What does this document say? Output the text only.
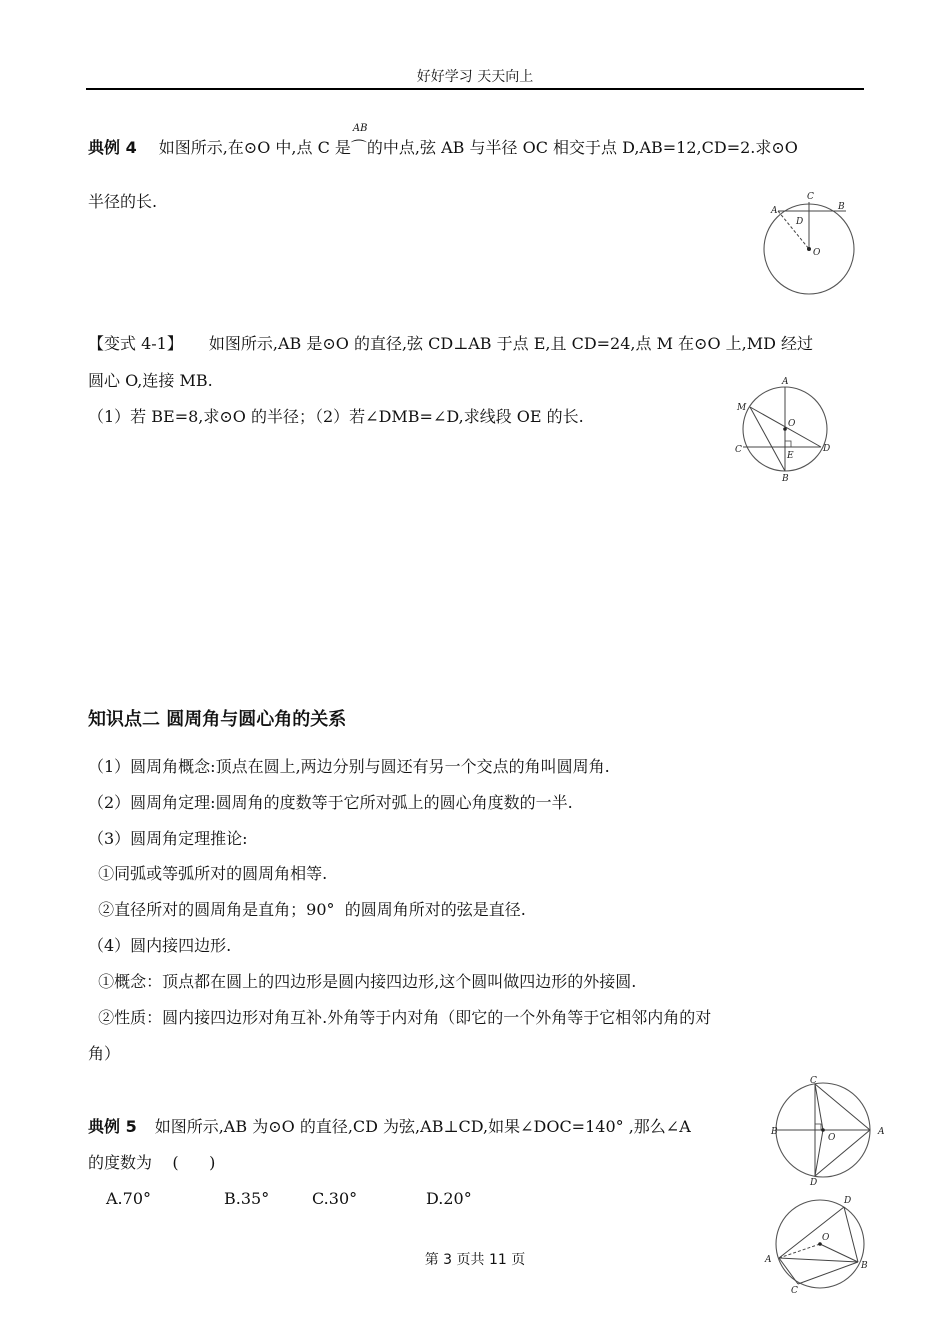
好好学习 天天向上
典例 4 如图所示,在⊙O 中,点 C 是
AB
⌒的中点,弦 AB 与半径 OC 相交于点 D,AB=12,CD=2.求⊙O
半径的长.	C
A	B
D
O
【变式 4-1】 如图所示,AB 是⊙O 的直径,弦 CD⊥AB 于点 E,且 CD=24,点 M 在⊙O 上,MD 经过
圆心 O,连接 MB.
（1）若 BE=8,求⊙O 的半径；（2）若∠DMB=∠D,求线段 OE 的长.
A
M
O
C
E
D
B
知识点二 圆周角与圆心角的关系
（1）圆周角概念:顶点在圆上,两边分别与圆还有另一个交点的角叫圆周角.
（2）圆周角定理:圆周角的度数等于它所对弧上的圆心角度数的一半.
（3）圆周角定理推论:
①同弧或等弧所对的圆周角相等.
②直径所对的圆周角是直角；90°  的圆周角所对的弦是直径.
（4）圆内接四边形.
①概念：顶点都在圆上的四边形是圆内接四边形,这个圆叫做四边形的外接圆.
②性质：圆内接四边形对角互补.外角等于内对角（即它的一个外角等于它相邻内角的对
角）
典例 5 如图所示,AB 为⊙O 的直径,CD 为弦,AB⊥CD,如果∠DOC=140° ,那么∠A
的度数为    (      )
A.70°	B.35°	C.30°	D.20°
C
B
O
A
D
D
O
A
B
C
第 3 页共 11 页
